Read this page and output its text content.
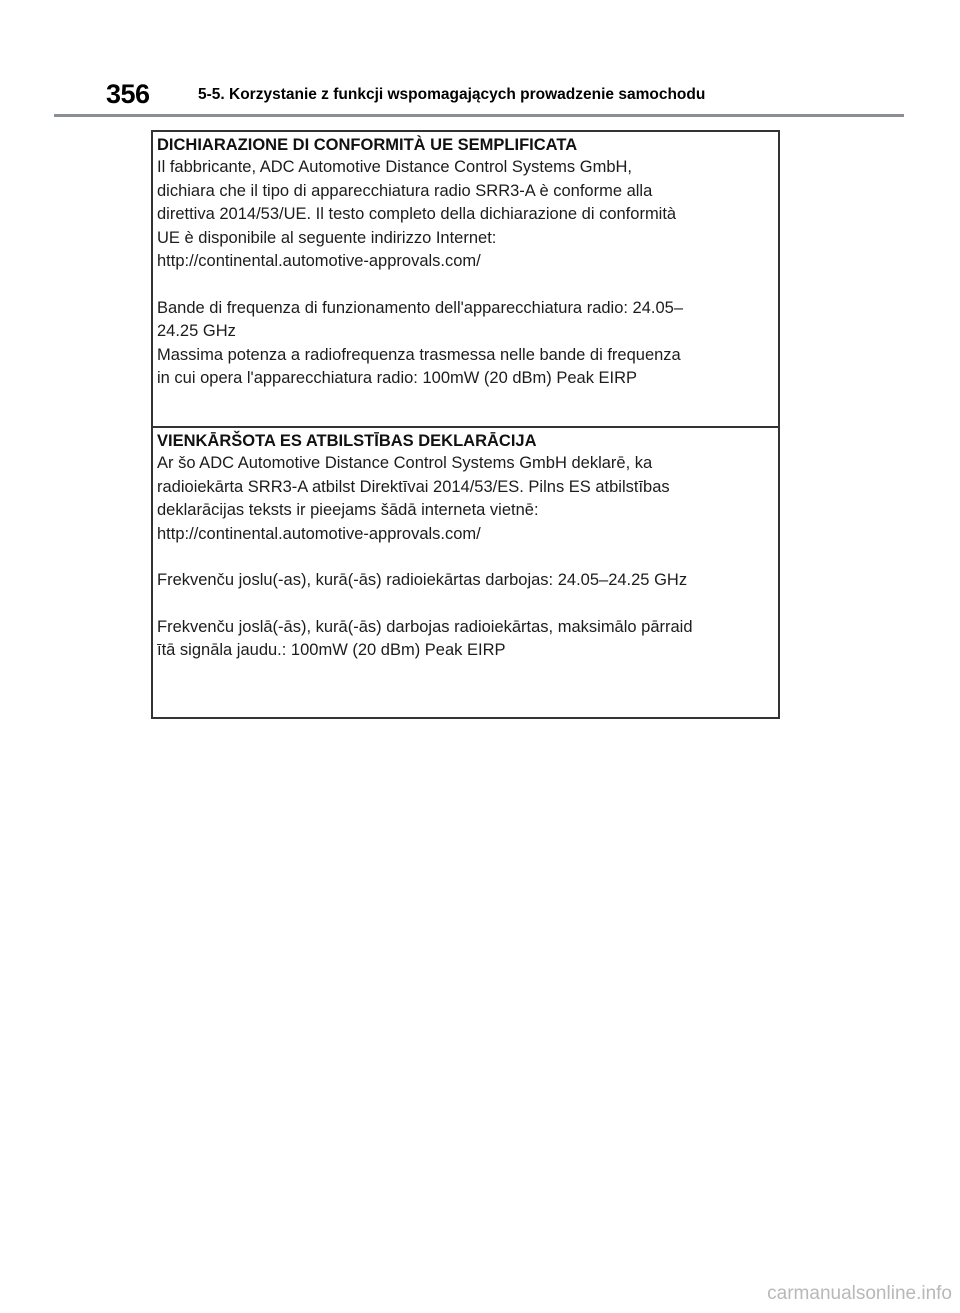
356	5-5. Korzystanie z funkcji wspomagających prowadzenie samochodu
DICHIARAZIONE DI CONFORMITÀ UE SEMPLIFICATA
Il fabbricante, ADC Automotive Distance Control Systems GmbH,
dichiara che il tipo di apparecchiatura radio SRR3-A è conforme alla
direttiva 2014/53/UE. Il testo completo della dichiarazione di conformità
UE è disponibile al seguente indirizzo Internet:
http://continental.automotive-approvals.com/
Bande di frequenza di funzionamento dell'apparecchiatura radio: 24.05–
24.25 GHz
Massima potenza a radiofrequenza trasmessa nelle bande di frequenza
in cui opera l'apparecchiatura radio: 100mW (20 dBm) Peak EIRP
VIENKĀRŠOTA ES ATBILSTĪBAS DEKLARĀCIJA
Ar šo ADC Automotive Distance Control Systems GmbH deklarē, ka
radioiekārta SRR3-A atbilst Direktīvai 2014/53/ES. Pilns ES atbilstības
deklarācijas teksts ir pieejams šādā interneta vietnē:
http://continental.automotive-approvals.com/
Frekvenču joslu(-as), kurā(-ās) radioiekārtas darbojas: 24.05–24.25 GHz
Frekvenču joslā(-ās), kurā(-ās) darbojas radioiekārtas, maksimālo pārraid
ītā signāla jaudu.: 100mW (20 dBm) Peak EIRP
carmanualsonline.info
